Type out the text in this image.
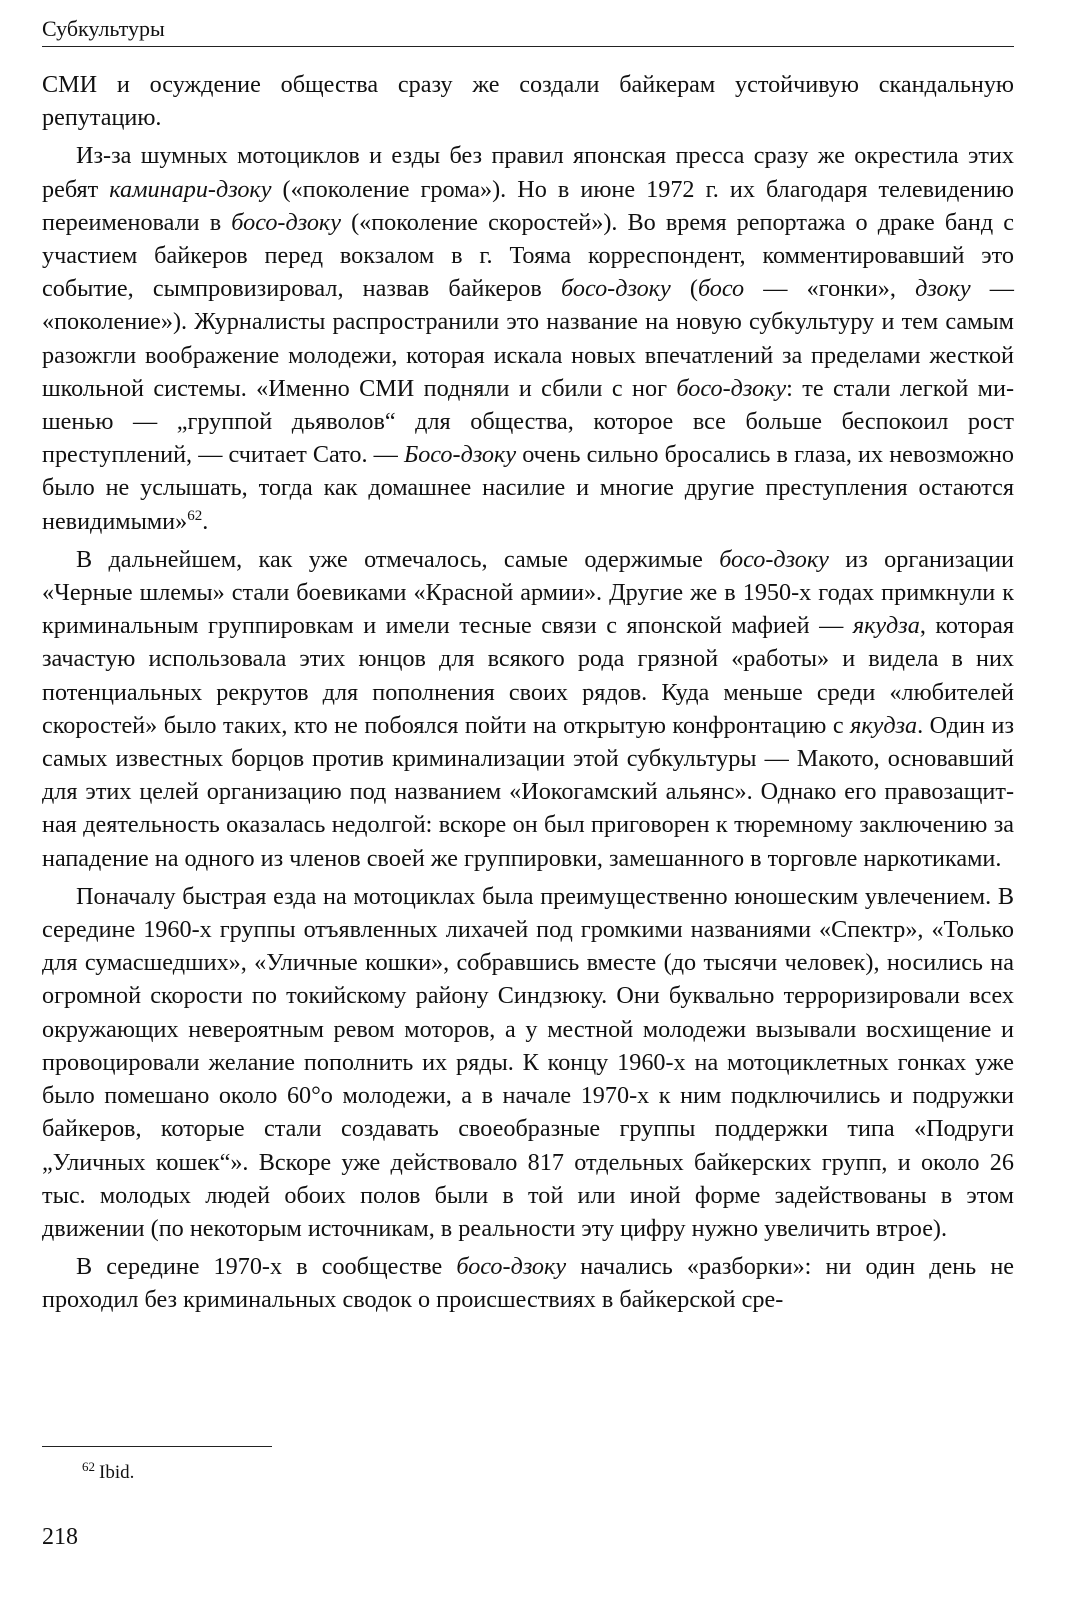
Субкультуры

СМИ и осуждение общества сразу же создали байкерам устойчивую скандальную репутацию.

Из-за шумных мотоциклов и езды без правил японская пресса сразу же окрестила этих ребят каминари-дзоку («поколение грома»). Но в июне 1972 г. их благодаря телевидению переименовали в босо-дзоку («поколение скоростей»). Во время репортажа о драке банд с участием байкеров перед вокзалом в г. Тояма корреспондент, комментировавший это событие, сымпровизировал, назвав байкеров босо-дзоку (босо — «гонки», дзоку — «поколение»). Журналисты распространили это название на новую субкультуру и тем самым разожгли воображение молодежи, которая искала новых впечатлений за пределами жесткой школьной системы. «Именно СМИ подняли и сбили с ног босо-дзоку: те стали легкой мишенью — „группой дьяволов“ для общества, которое все больше беспокоил рост преступлений, — считает Сато. — Босо-дзоку очень сильно бросались в глаза, их невозможно было не услышать, тогда как домашнее насилие и многие другие преступления остаются невидимыми»$^{62}$.

В дальнейшем, как уже отмечалось, самые одержимые босо-дзоку из организации «Черные шлемы» стали боевиками «Красной армии». Другие же в 1950-х годах примкнули к криминальным группировкам и имели тесные связи с японской мафией — якудза, которая зачастую использовала этих юнцов для всякого рода грязной «работы» и видела в них потенциальных рекрутов для пополнения своих рядов. Куда меньше среди «любителей скоростей» было таких, кто не побоялся пойти на открытую конфронтацию с якудза. Один из самых известных борцов против криминализации этой субкультуры — Макото, основавший для этих целей организацию под названием «Иокогамский альянс». Однако его правозащитная деятельность оказалась недолгой: вскоре он был приговорен к тюремному заключению за нападение на одного из членов своей же группировки, замешанного в торговле наркотиками.

Поначалу быстрая езда на мотоциклах была преимущественно юношеским увлечением. В середине 1960-х группы отъявленных лихачей под громкими названиями «Спектр», «Только для сумасшедших», «Уличные кошки», собравшись вместе (до тысячи человек), носились на огромной скорости по токийскому району Синдзюку. Они буквально терроризировали всех окружающих невероятным ревом моторов, а у местной молодежи вызывали восхищение и провоцировали желание пополнить их ряды. К концу 1960-х на мотоциклетных гонках уже было помешано около 60°о молодежи, а в начале 1970-х к ним подключились и подружки байкеров, которые стали создавать своеобразные группы поддержки типа «Подруги „Уличных кошек“». Вскоре уже действовало 817 отдельных байкерских групп, и около 26 тыс. молодых людей обоих полов были в той или иной форме задействованы в этом движении (по некоторым источникам, в реальности эту цифру нужно увеличить втрое).

В середине 1970-х в сообществе босо-дзоку начались «разборки»: ни один день не проходил без криминальных сводок о происшествиях в байкерской сре-

$^{62}$ Ibid.
218
